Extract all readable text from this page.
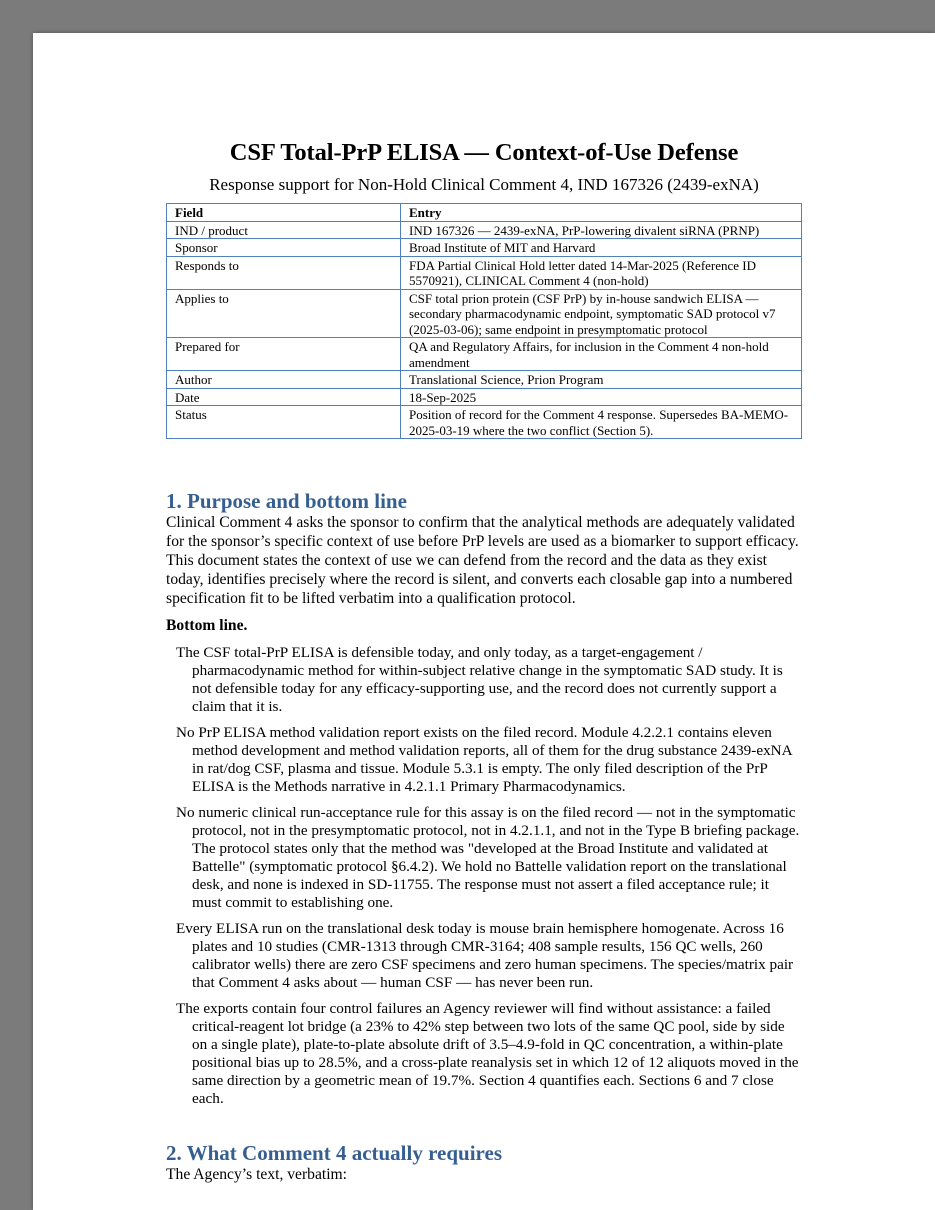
CSF Total-PrP ELISA — Context-of-Use Defense

Response support for Non-Hold Clinical Comment 4, IND 167326 (2439-exNA)

Field	Entry
IND / product	IND 167326 — 2439-exNA, PrP-lowering divalent siRNA (PRNP)
Sponsor	Broad Institute of MIT and Harvard
Responds to	FDA Partial Clinical Hold letter dated 14-Mar-2025 (Reference ID 5570921), CLINICAL Comment 4 (non-hold)
Applies to	CSF total prion protein (CSF PrP) by in-house sandwich ELISA — secondary pharmacodynamic endpoint, symptomatic SAD protocol v7 (2025-03-06); same endpoint in presymptomatic protocol
Prepared for	QA and Regulatory Affairs, for inclusion in the Comment 4 non-hold amendment
Author	Translational Science, Prion Program
Date	18-Sep-2025
Status	Position of record for the Comment 4 response. Supersedes BA-MEMO-2025-03-19 where the two conflict (Section 5).
1. Purpose and bottom line

Clinical Comment 4 asks the sponsor to confirm that the analytical methods are adequately validated for the sponsor’s specific context of use before PrP levels are used as a biomarker to support efficacy. This document states the context of use we can defend from the record and the data as they exist today, identifies precisely where the record is silent, and converts each closable gap into a numbered specification fit to be lifted verbatim into a qualification protocol.

Bottom line.

The CSF total-PrP ELISA is defensible today, and only today, as a target-engagement / pharmacodynamic method for within-subject relative change in the symptomatic SAD study. It is not defensible today for any efficacy-supporting use, and the record does not currently support a claim that it is.
No PrP ELISA method validation report exists on the filed record. Module 4.2.2.1 contains eleven method development and method validation reports, all of them for the drug substance 2439-exNA in rat/dog CSF, plasma and tissue. Module 5.3.1 is empty. The only filed description of the PrP ELISA is the Methods narrative in 4.2.1.1 Primary Pharmacodynamics.
No numeric clinical run-acceptance rule for this assay is on the filed record — not in the symptomatic protocol, not in the presymptomatic protocol, not in 4.2.1.1, and not in the Type B briefing package. The protocol states only that the method was "developed at the Broad Institute and validated at Battelle" (symptomatic protocol §6.4.2). We hold no Battelle validation report on the translational desk, and none is indexed in SD-11755. The response must not assert a filed acceptance rule; it must commit to establishing one.
Every ELISA run on the translational desk today is mouse brain hemisphere homogenate. Across 16 plates and 10 studies (CMR-1313 through CMR-3164; 408 sample results, 156 QC wells, 260 calibrator wells) there are zero CSF specimens and zero human specimens. The species/matrix pair that Comment 4 asks about — human CSF — has never been run.
The exports contain four control failures an Agency reviewer will find without assistance: a failed critical-reagent lot bridge (a 23% to 42% step between two lots of the same QC pool, side by side on a single plate), plate-to-plate absolute drift of 3.5–4.9-fold in QC concentration, a within-plate positional bias up to 28.5%, and a cross-plate reanalysis set in which 12 of 12 aliquots moved in the same direction by a geometric mean of 19.7%. Section 4 quantifies each. Sections 6 and 7 close each.
2. What Comment 4 actually requires

The Agency’s text, verbatim:
